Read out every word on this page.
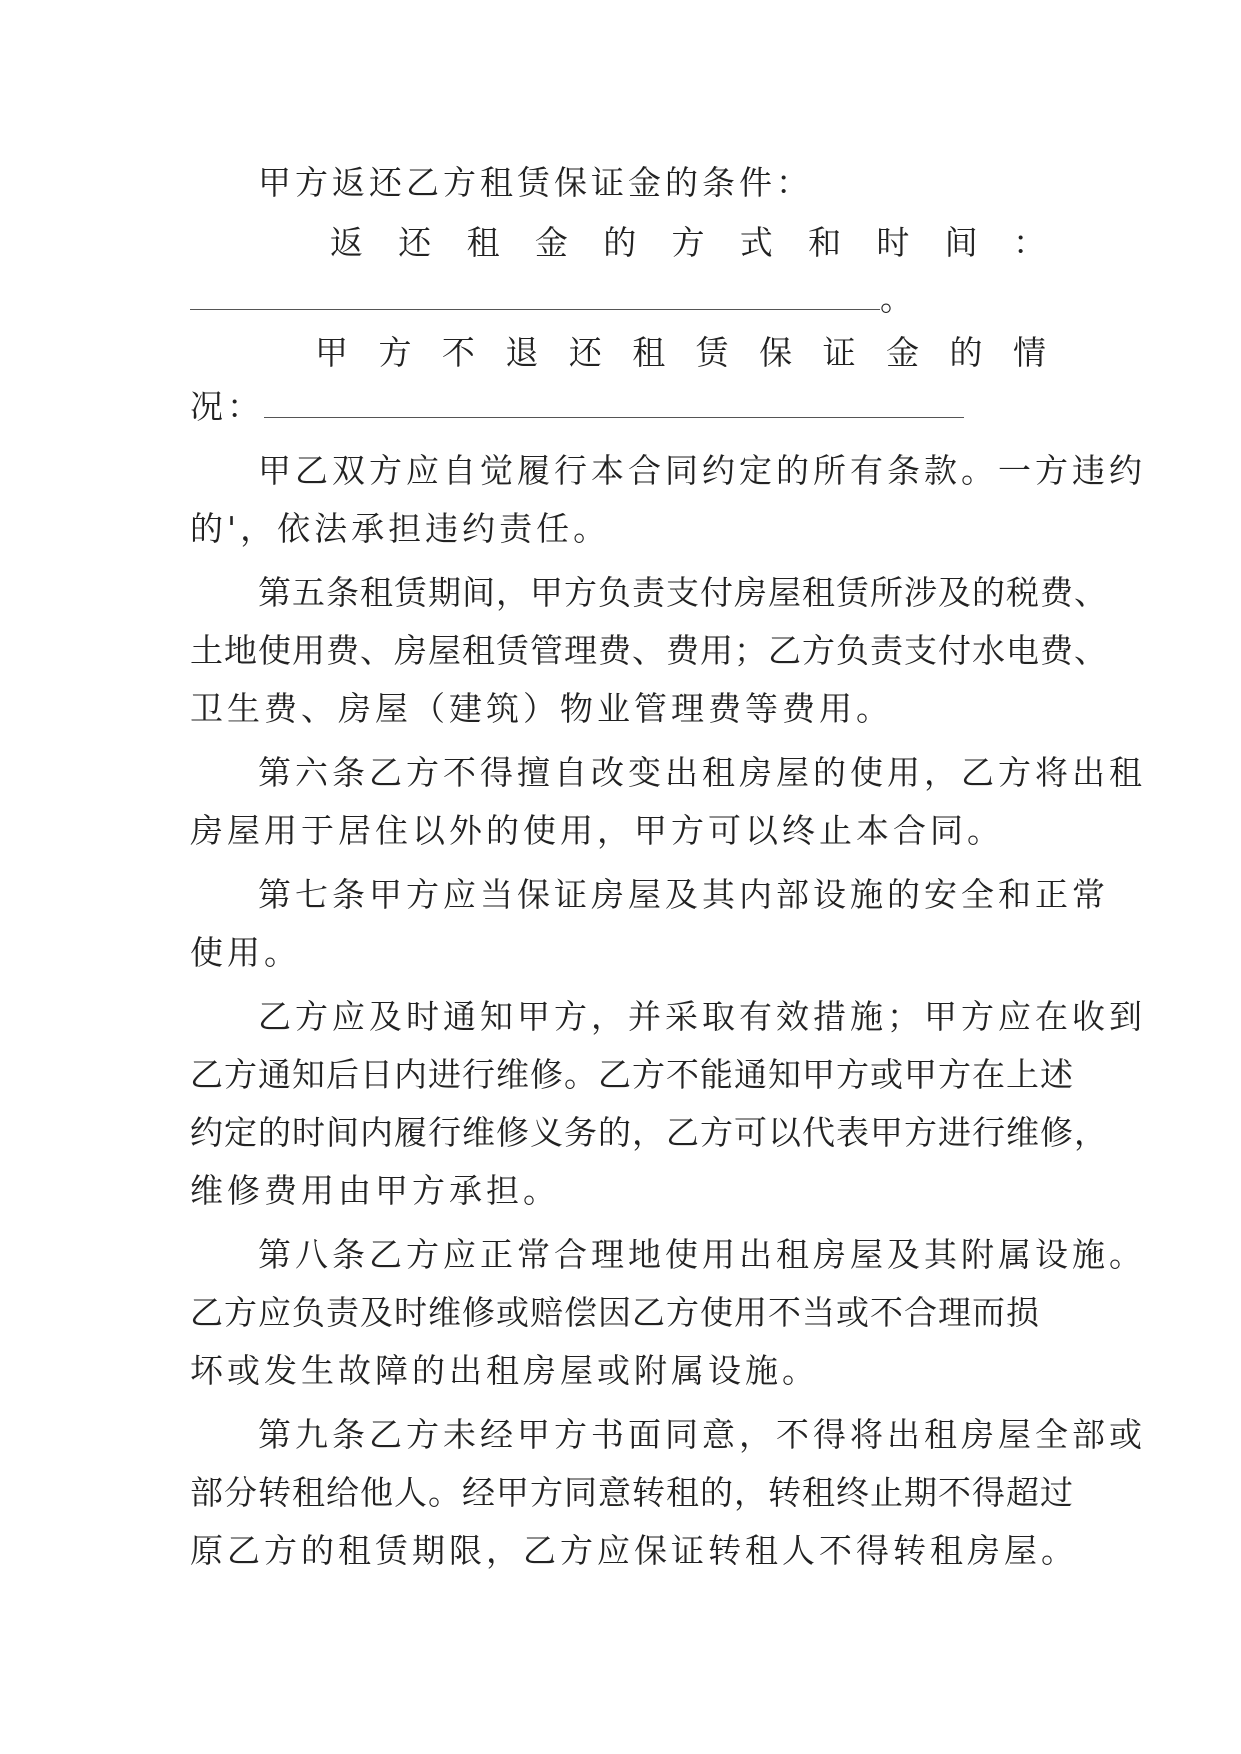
甲方返还乙方租赁保证金的条件：
返 还 租 金 的 方 式 和 时 间 ：
。
甲 方 不 退 还 租 赁 保 证 金 的 情
况：
甲乙双方应自觉履行本合同约定的所有条款。一方违约
的'，依法承担违约责任。
第五条租赁期间，甲方负责支付房屋租赁所涉及的税费、
土地使用费、房屋租赁管理费、费用；乙方负责支付水电费、
卫生费、房屋（建筑）物业管理费等费用。
第六条乙方不得擅自改变出租房屋的使用，乙方将出租
房屋用于居住以外的使用，甲方可以终止本合同。
第七条甲方应当保证房屋及其内部设施的安全和正常
使用。
乙方应及时通知甲方，并采取有效措施；甲方应在收到
乙方通知后日内进行维修。乙方不能通知甲方或甲方在上述
约定的时间内履行维修义务的，乙方可以代表甲方进行维修，
维修费用由甲方承担。
第八条乙方应正常合理地使用出租房屋及其附属设施。
乙方应负责及时维修或赔偿因乙方使用不当或不合理而损
坏或发生故障的出租房屋或附属设施。
第九条乙方未经甲方书面同意，不得将出租房屋全部或
部分转租给他人。经甲方同意转租的，转租终止期不得超过
原乙方的租赁期限，乙方应保证转租人不得转租房屋。
